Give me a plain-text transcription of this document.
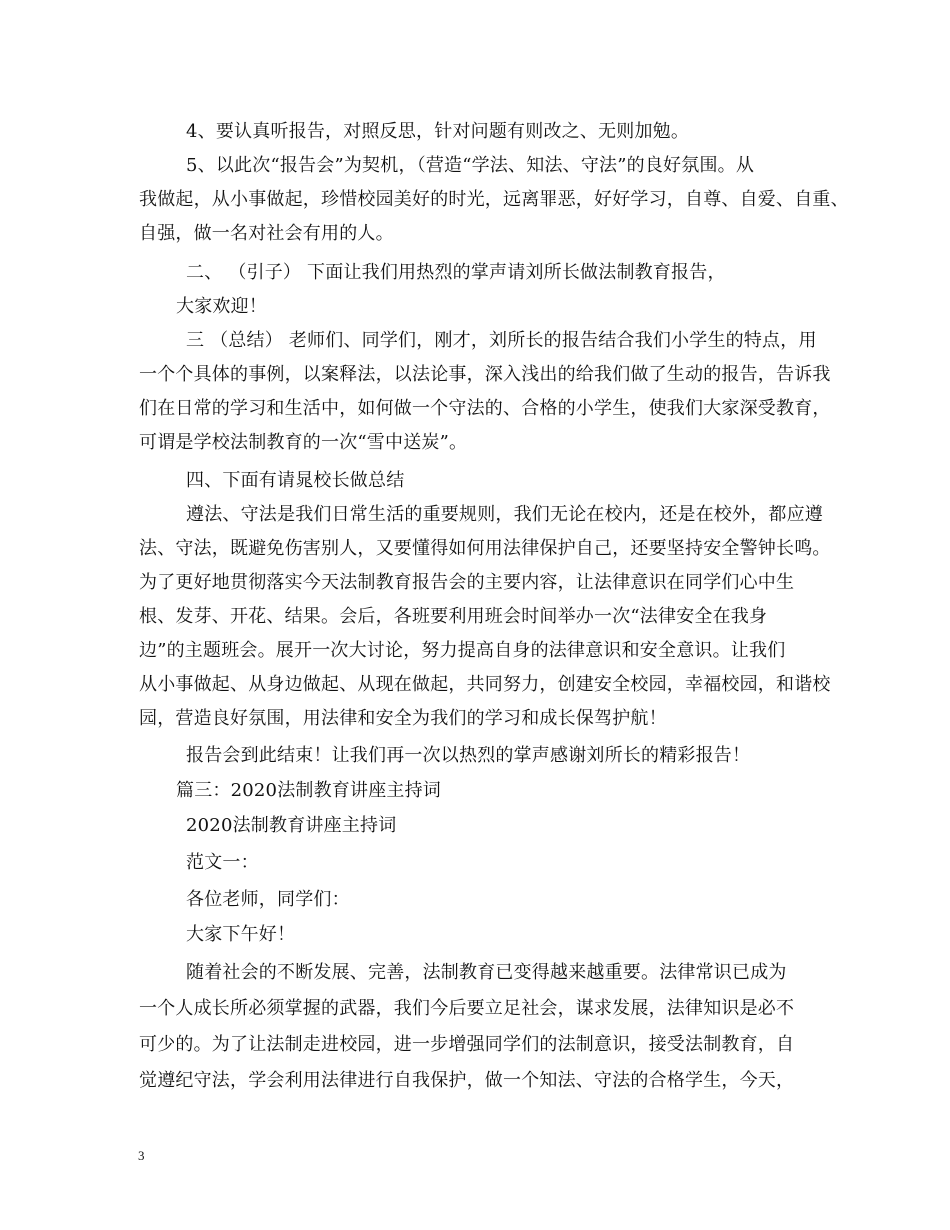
4、要认真听报告，对照反思，针对问题有则改之、无则加勉。
5、以此次“报告会”为契机，（营造“学法、知法、守法”的良好氛围。从
我做起，从小事做起，珍惜校园美好的时光，远离罪恶，好好学习，自尊、自爱、自重、
自强，做一名对社会有用的人。
二、 （引子） 下面让我们用热烈的掌声请刘所长做法制教育报告，
大家欢迎！
三 （总结） 老师们、同学们，刚才，刘所长的报告结合我们小学生的特点，用
一个个具体的事例，以案释法，以法论事，深入浅出的给我们做了生动的报告，告诉我
们在日常的学习和生活中，如何做一个守法的、合格的小学生，使我们大家深受教育，
可谓是学校法制教育的一次“雪中送炭”。
四、下面有请晁校长做总结
遵法、守法是我们日常生活的重要规则，我们无论在校内，还是在校外，都应遵
法、守法，既避免伤害别人，又要懂得如何用法律保护自己，还要坚持安全警钟长鸣。
为了更好地贯彻落实今天法制教育报告会的主要内容，让法律意识在同学们心中生
根、发芽、开花、结果。会后，各班要利用班会时间举办一次“法律安全在我身
边”的主题班会。展开一次大讨论，努力提高自身的法律意识和安全意识。让我们
从小事做起、从身边做起、从现在做起，共同努力，创建安全校园，幸福校园，和谐校
园，营造良好氛围，用法律和安全为我们的学习和成长保驾护航！
报告会到此结束！让我们再一次以热烈的掌声感谢刘所长的精彩报告！
篇三：2020法制教育讲座主持词
2020法制教育讲座主持词
范文一：
各位老师，同学们：
大家下午好！
随着社会的不断发展、完善，法制教育已变得越来越重要。法律常识已成为
一个人成长所必须掌握的武器，我们今后要立足社会，谋求发展，法律知识是必不
可少的。为了让法制走进校园，进一步增强同学们的法制意识，接受法制教育，自
觉遵纪守法，学会利用法律进行自我保护，做一个知法、守法的合格学生，今天，
3
